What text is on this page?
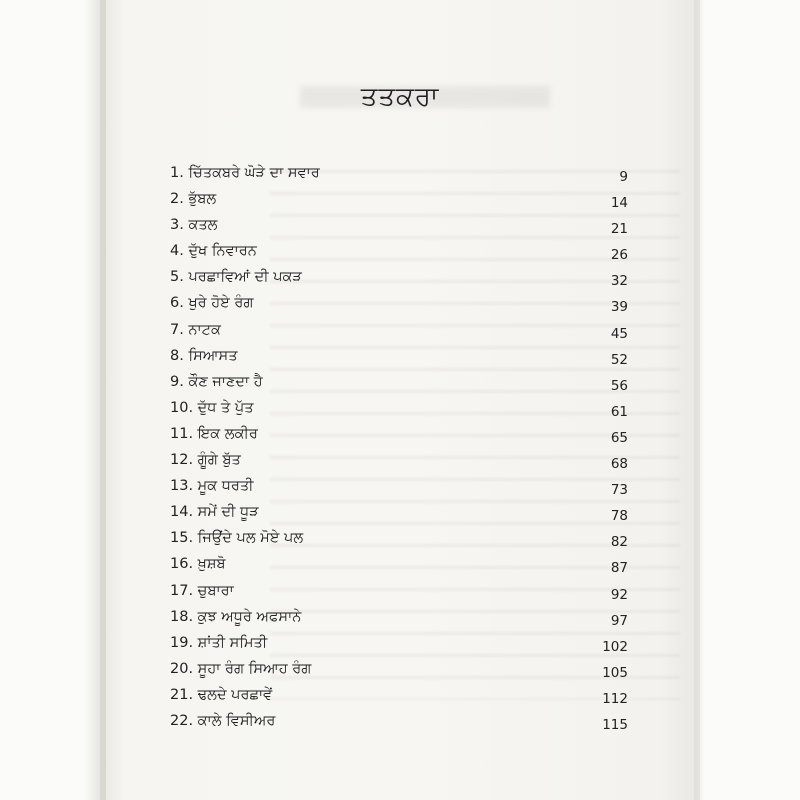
ਤਤਕਰਾ
1. ਚਿੱਤਕਬਰੇ ਘੋੜੇ ਦਾ ਸਵਾਰ	9
2. ਭੁੱਬਲ	14
3. ਕਤਲ	21
4. ਦੁੱਖ ਨਿਵਾਰਨ	26
5. ਪਰਛਾਵਿਆਂ ਦੀ ਪਕੜ	32
6. ਖੁਰੇ ਹੋਏ ਰੰਗ	39
7. ਨਾਟਕ	45
8. ਸਿਆਸਤ	52
9. ਕੌਣ ਜਾਣਦਾ ਹੈ	56
10. ਦੁੱਧ ਤੇ ਪੁੱਤ	61
11. ਇਕ ਲਕੀਰ	65
12. ਗੂੰਗੇ ਬੁੱਤ	68
13. ਮੂਕ ਧਰਤੀ	73
14. ਸਮੇਂ ਦੀ ਧੂੜ	78
15. ਜਿਉਂਦੇ ਪਲ ਮੋਏ ਪਲ	82
16. ਖ਼ੁਸ਼ਬੋ	87
17. ਚੁਬਾਰਾ	92
18. ਕੁਝ ਅਧੂਰੇ ਅਫਸਾਨੇ	97
19. ਸ਼ਾਂਤੀ ਸਮਿਤੀ	102
20. ਸੂਹਾ ਰੰਗ ਸਿਆਹ ਰੰਗ	105
21. ਢਲਦੇ ਪਰਛਾਵੇਂ	112
22. ਕਾਲੇ ਵਿਸੀਅਰ	115
